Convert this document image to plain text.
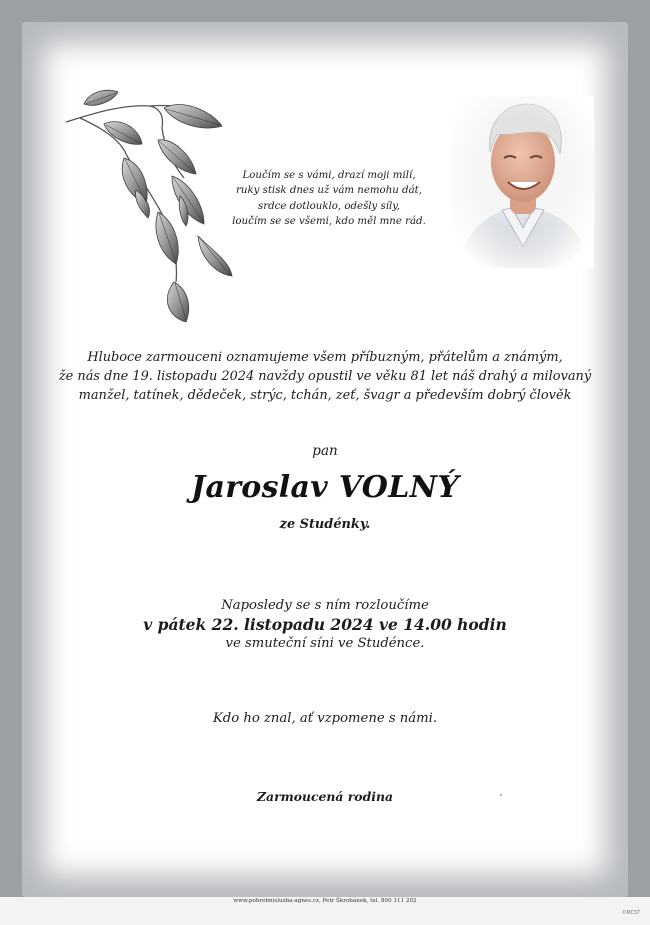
Loučím se s vámi, drazí moji milí,
ruky stisk dnes už vám nemohu dát,
srdce dotlouklo, odešly síly,
loučím se se všemi, kdo měl mne rád.
Hluboce zarmouceni oznamujeme všem příbuzným, přátelům a známým,
že nás dne 19. listopadu 2024 navždy opustil ve věku 81 let náš drahý a milovaný
manžel, tatínek, dědeček, strýc, tchán, zeť, švagr a především dobrý člověk
pan
Jaroslav VOLNÝ
ze Studénky.
Naposledy se s ním rozloučíme
v pátek 22. listopadu 2024 ve 14.00 hodin
ve smuteční síni ve Studénce.
Kdo ho znal, ať vzpomene s námi.
Zarmoucená rodina
www.pohrebnisluzba-agnes.cz, Petr Škrobánek, tel. 800 111 202
©MCST
